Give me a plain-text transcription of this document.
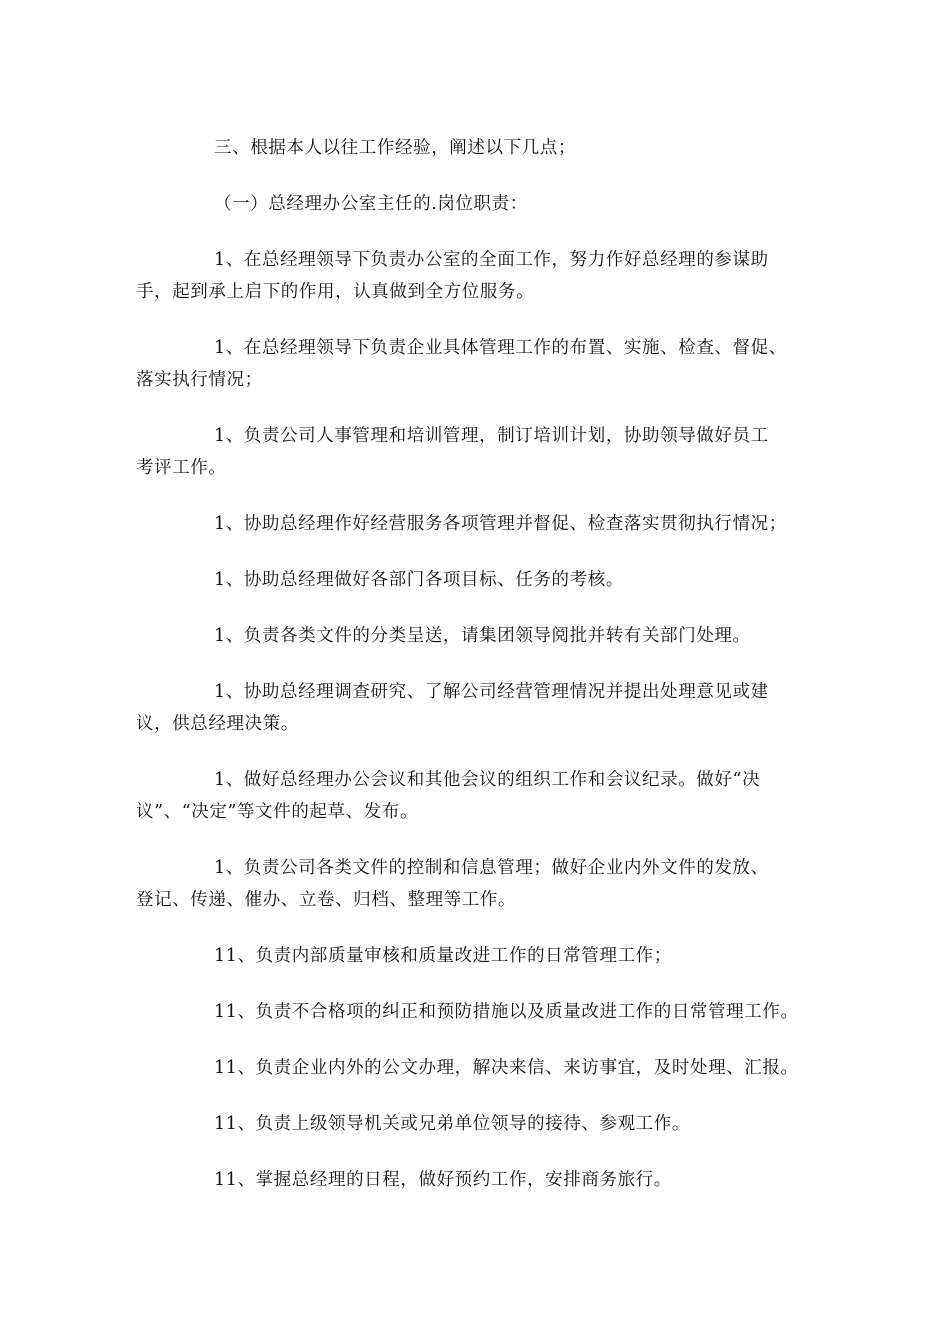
三、根据本人以往工作经验，阐述以下几点；
（一）总经理办公室主任的.岗位职责：
1、在总经理领导下负责办公室的全面工作，努力作好总经理的参谋助
手，起到承上启下的作用，认真做到全方位服务。
1、在总经理领导下负责企业具体管理工作的布置、实施、检查、督促、
落实执行情况；
1、负责公司人事管理和培训管理，制订培训计划，协助领导做好员工
考评工作。
1、协助总经理作好经营服务各项管理并督促、检查落实贯彻执行情况；
1、协助总经理做好各部门各项目标、任务的考核。
1、负责各类文件的分类呈送，请集团领导阅批并转有关部门处理。
1、协助总经理调查研究、了解公司经营管理情况并提出处理意见或建
议，供总经理决策。
1、做好总经理办公会议和其他会议的组织工作和会议纪录。做好“决
议”、“决定”等文件的起草、发布。
1、负责公司各类文件的控制和信息管理；做好企业内外文件的发放、
登记、传递、催办、立卷、归档、整理等工作。
11、负责内部质量审核和质量改进工作的日常管理工作；
11、负责不合格项的纠正和预防措施以及质量改进工作的日常管理工作。
11、负责企业内外的公文办理，解决来信、来访事宜，及时处理、汇报。
11、负责上级领导机关或兄弟单位领导的接待、参观工作。
11、掌握总经理的日程，做好预约工作，安排商务旅行。
